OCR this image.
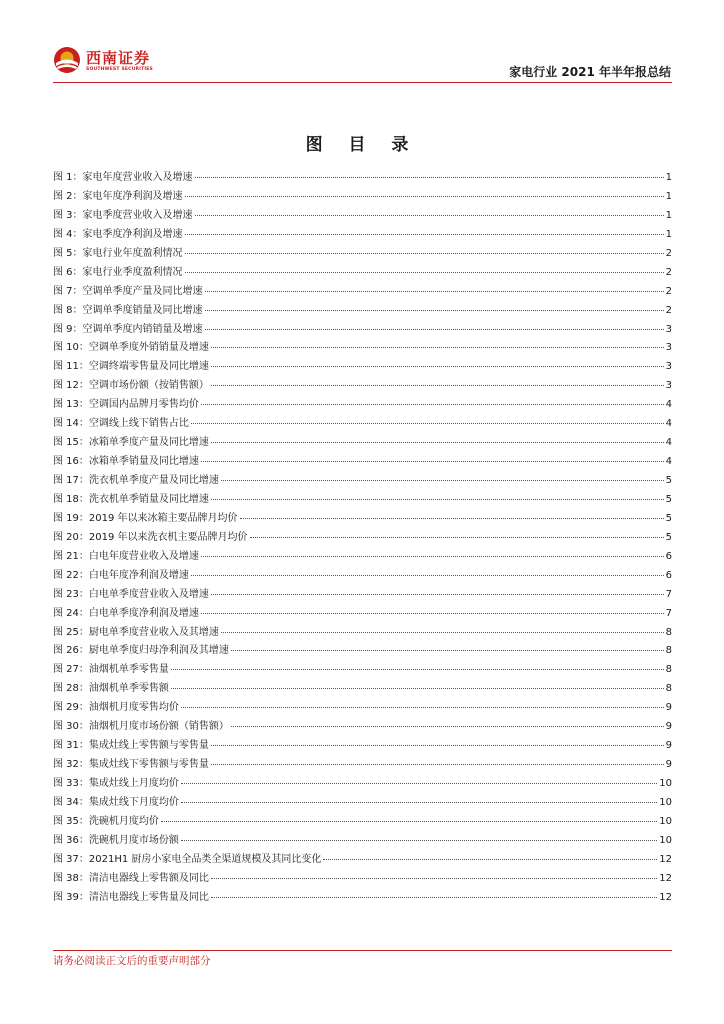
西南证券
SOUTHWEST SECURITIES	家电行业 2021 年半年报总结
图 目 录
图 1：家电年度营业收入及增速	1
图 2：家电年度净利润及增速	1
图 3：家电季度营业收入及增速	1
图 4：家电季度净利润及增速	1
图 5：家电行业年度盈利情况	2
图 6：家电行业季度盈利情况	2
图 7：空调单季度产量及同比增速	2
图 8：空调单季度销量及同比增速	2
图 9：空调单季度内销销量及增速	3
图 10：空调单季度外销销量及增速	3
图 11：空调终端零售量及同比增速	3
图 12：空调市场份额（按销售额）	3
图 13：空调国内品牌月零售均价	4
图 14：空调线上线下销售占比	4
图 15：冰箱单季度产量及同比增速	4
图 16：冰箱单季销量及同比增速	4
图 17：洗衣机单季度产量及同比增速	5
图 18：洗衣机单季销量及同比增速	5
图 19：2019 年以来冰箱主要品牌月均价	5
图 20：2019 年以来洗衣机主要品牌月均价	5
图 21：白电年度营业收入及增速	6
图 22：白电年度净利润及增速	6
图 23：白电单季度营业收入及增速	7
图 24：白电单季度净利润及增速	7
图 25：厨电单季度营业收入及其增速	8
图 26：厨电单季度归母净利润及其增速	8
图 27：油烟机单季零售量	8
图 28：油烟机单季零售额	8
图 29：油烟机月度零售均价	9
图 30：油烟机月度市场份额（销售额）	9
图 31：集成灶线上零售额与零售量	9
图 32：集成灶线下零售额与零售量	9
图 33：集成灶线上月度均价	10
图 34：集成灶线下月度均价	10
图 35：洗碗机月度均价	10
图 36：洗碗机月度市场份额	10
图 37：2021H1 厨房小家电全品类全渠道规模及其同比变化	12
图 38：清洁电器线上零售额及同比	12
图 39：清洁电器线上零售量及同比	12
请务必阅读正文后的重要声明部分
